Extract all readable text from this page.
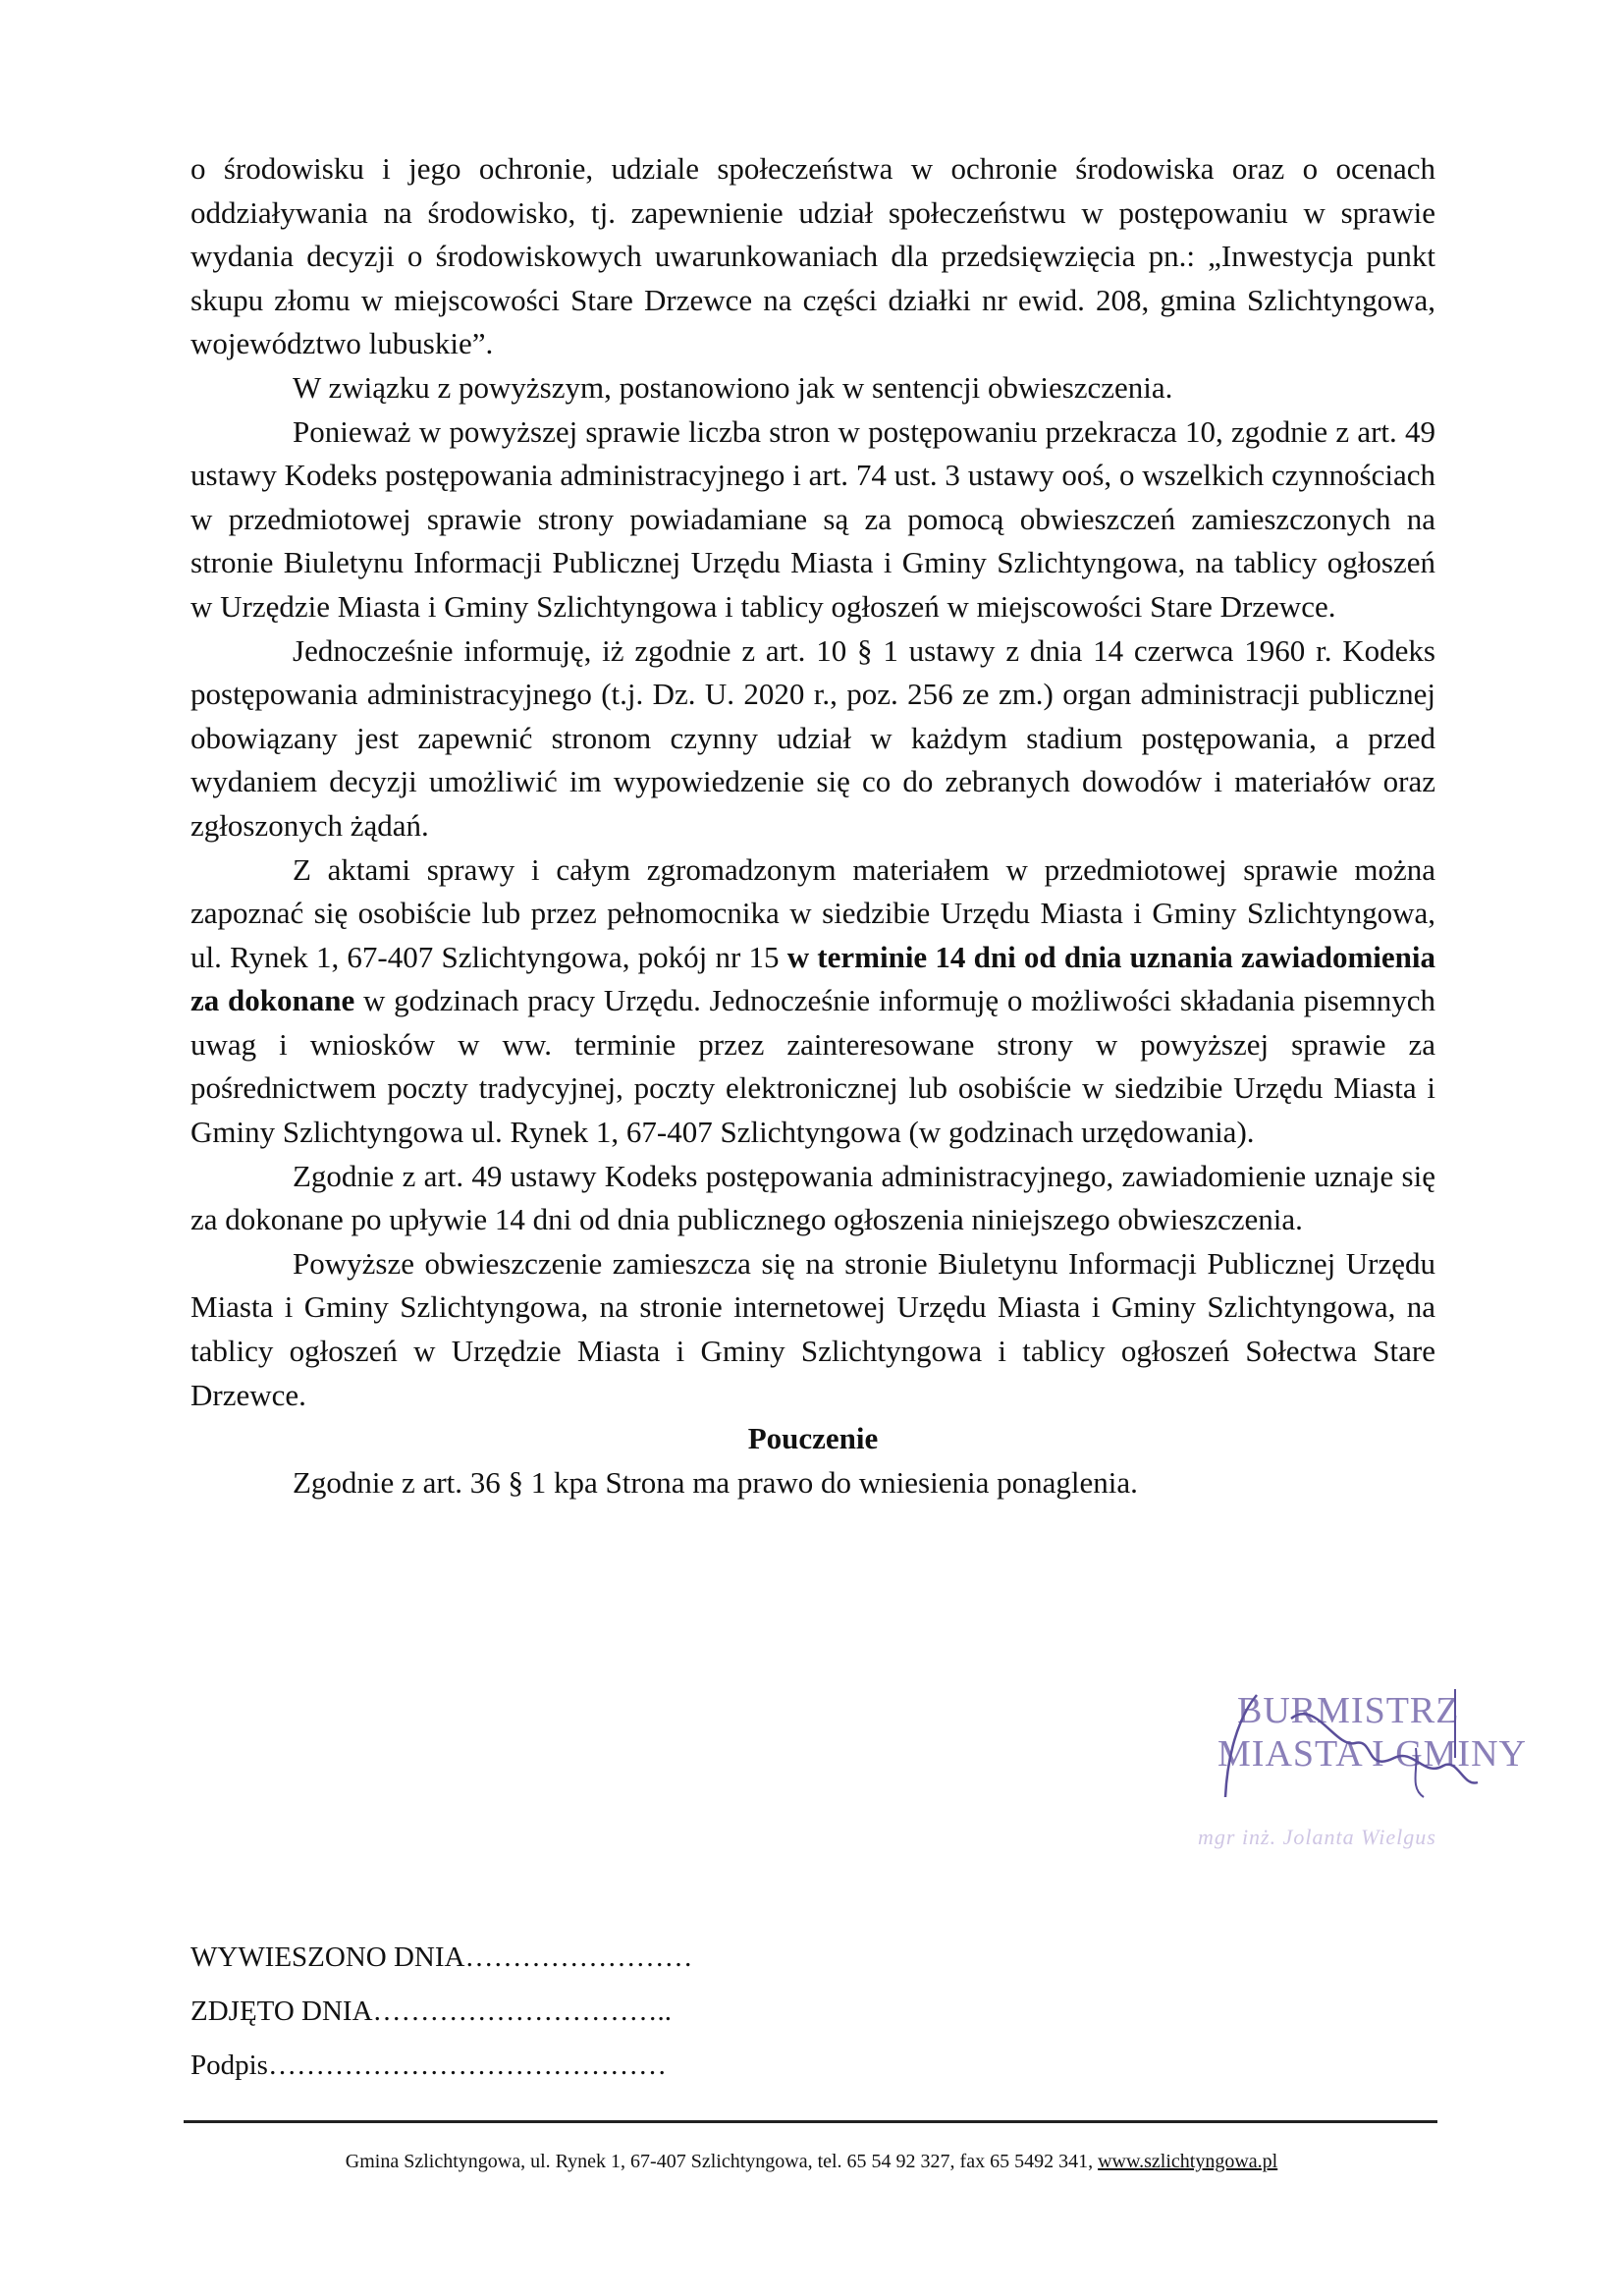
o środowisku i jego ochronie, udziale społeczeństwa w ochronie środowiska oraz o ocenach oddziaływania na środowisko, tj. zapewnienie udział społeczeństwu w postępowaniu w sprawie wydania decyzji o środowiskowych uwarunkowaniach dla przedsięwzięcia pn.: „Inwestycja punkt skupu złomu w miejscowości Stare Drzewce na części działki nr ewid. 208, gmina Szlichtyngowa, województwo lubuskie”.

W związku z powyższym, postanowiono jak w sentencji obwieszczenia.

Ponieważ w powyższej sprawie liczba stron w postępowaniu przekracza 10, zgodnie z art. 49 ustawy Kodeks postępowania administracyjnego i art. 74 ust. 3 ustawy ooś, o wszelkich czynnościach w przedmiotowej sprawie strony powiadamiane są za pomocą obwieszczeń zamieszczonych na stronie Biuletynu Informacji Publicznej Urzędu Miasta i Gminy Szlichtyngowa, na tablicy ogłoszeń w Urzędzie Miasta i Gminy Szlichtyngowa i tablicy ogłoszeń w miejscowości Stare Drzewce.

Jednocześnie informuję, iż zgodnie z art. 10 § 1 ustawy z dnia 14 czerwca 1960 r. Kodeks postępowania administracyjnego (t.j. Dz. U. 2020 r., poz. 256 ze zm.) organ administracji publicznej obowiązany jest zapewnić stronom czynny udział w każdym stadium postępowania, a przed wydaniem decyzji umożliwić im wypowiedzenie się co do zebranych dowodów i materiałów oraz zgłoszonych żądań.

Z aktami sprawy i całym zgromadzonym materiałem w przedmiotowej sprawie można zapoznać się osobiście lub przez pełnomocnika w siedzibie Urzędu Miasta i Gminy Szlichtyngowa, ul. Rynek 1, 67-407 Szlichtyngowa, pokój nr 15 w terminie 14 dni od dnia uznania zawiadomienia za dokonane w godzinach pracy Urzędu. Jednocześnie informuję o możliwości składania pisemnych uwag i wniosków w ww. terminie przez zainteresowane strony w powyższej sprawie za pośrednictwem poczty tradycyjnej, poczty elektronicznej lub osobiście w siedzibie Urzędu Miasta i Gminy Szlichtyngowa ul. Rynek 1, 67-407 Szlichtyngowa (w godzinach urzędowania).

Zgodnie z art. 49 ustawy Kodeks postępowania administracyjnego, zawiadomienie uznaje się za dokonane po upływie 14 dni od dnia publicznego ogłoszenia niniejszego obwieszczenia.

Powyższe obwieszczenie zamieszcza się na stronie Biuletynu Informacji Publicznej Urzędu Miasta i Gminy Szlichtyngowa, na stronie internetowej Urzędu Miasta i Gminy Szlichtyngowa, na tablicy ogłoszeń w Urzędzie Miasta i Gminy Szlichtyngowa i tablicy ogłoszeń Sołectwa Stare Drzewce.

Pouczenie

Zgodnie z art. 36 § 1 kpa Strona ma prawo do wniesienia ponaglenia.

BURMISTRZ
MIASTA I GMINY
mgr inż. Jolanta Wielgus
WYWIESZONO DNIA……………………
ZDJĘTO DNIA…………………………..
Podpis……………………………………
Gmina Szlichtyngowa, ul. Rynek 1, 67-407 Szlichtyngowa, tel. 65 54 92 327, fax 65 5492 341, www.szlichtyngowa.pl
